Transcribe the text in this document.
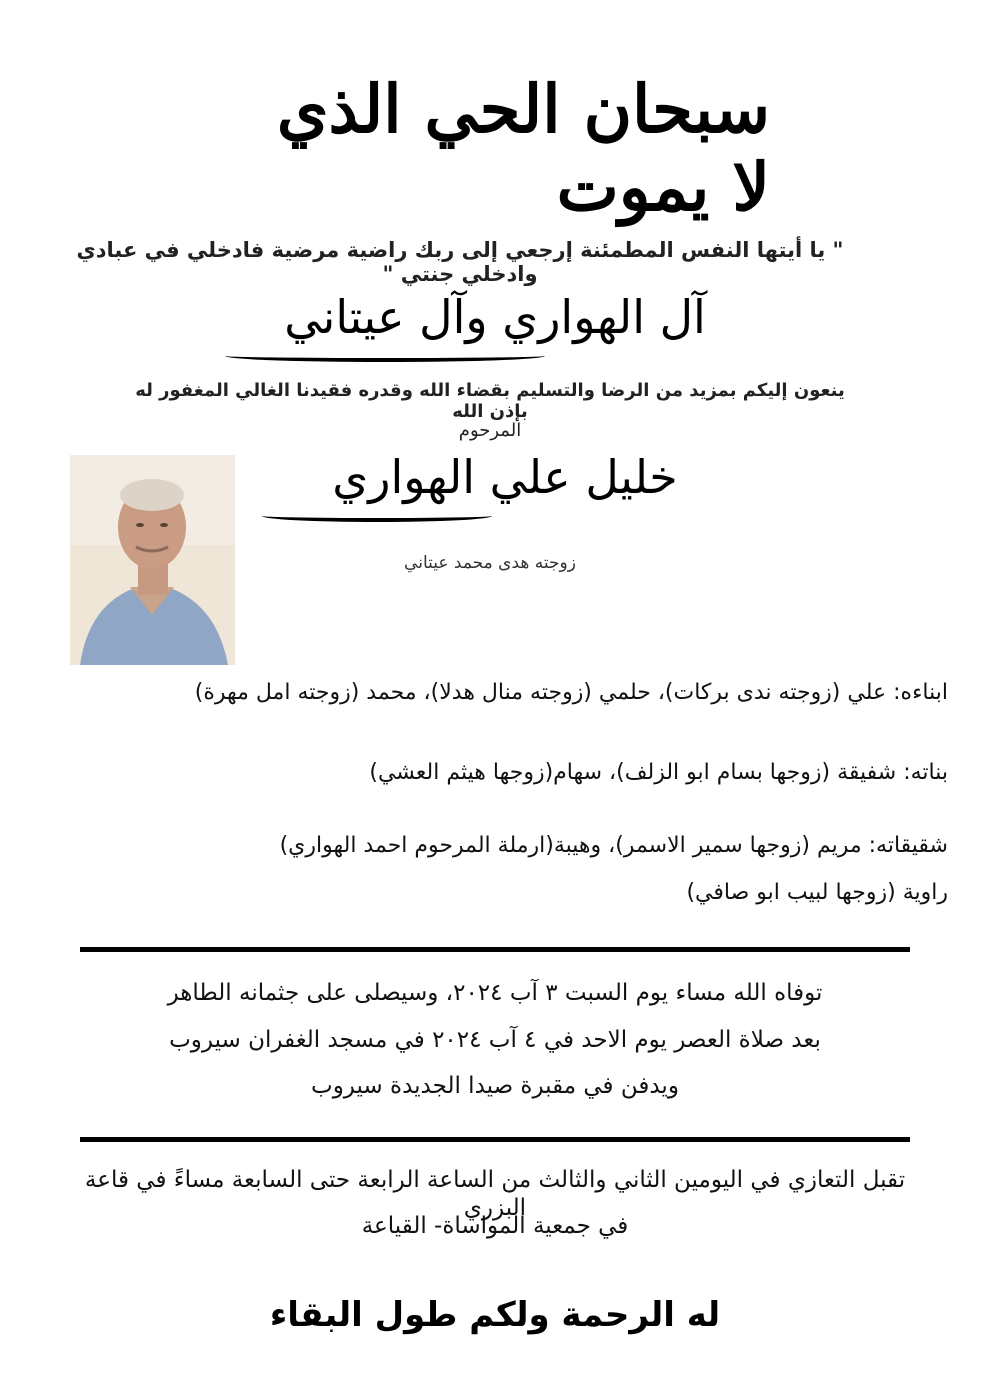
سبحان الحي الذي لا يموت
" يا أيتها النفس المطمئنة إرجعي إلى ربك راضية مرضية فادخلي في عبادي وادخلي جنتي "
آل الهواري وآل عيتاني
ينعون إليكم بمزيد من الرضا والتسليم بقضاء الله وقدره فقيدنا الغالي المغفور له بإذن الله
المرحوم
خليل علي الهواري
زوجته هدى محمد عيتاني
ابناءه: علي (زوجته ندى بركات)، حلمي (زوجته منال هدلا)، محمد (زوجته امل مهرة)
بناته: شفيقة (زوجها بسام ابو الزلف)، سهام(زوجها هيثم العشي)
شقيقاته: مريم (زوجها سمير الاسمر)، وهيبة(ارملة المرحوم احمد الهواري)
راوية (زوجها لبيب ابو صافي)
توفاه الله مساء يوم السبت ٣ آب ٢٠٢٤، وسيصلى على جثمانه الطاهر
بعد صلاة العصر يوم الاحد في ٤ آب ٢٠٢٤ في مسجد الغفران سيروب
ويدفن في مقبرة صيدا الجديدة سيروب
تقبل التعازي في اليومين الثاني والثالث من الساعة الرابعة حتى السابعة مساءً في قاعة البزري
في جمعية المواساة- القياعة
له الرحمة ولكم طول البقاء
